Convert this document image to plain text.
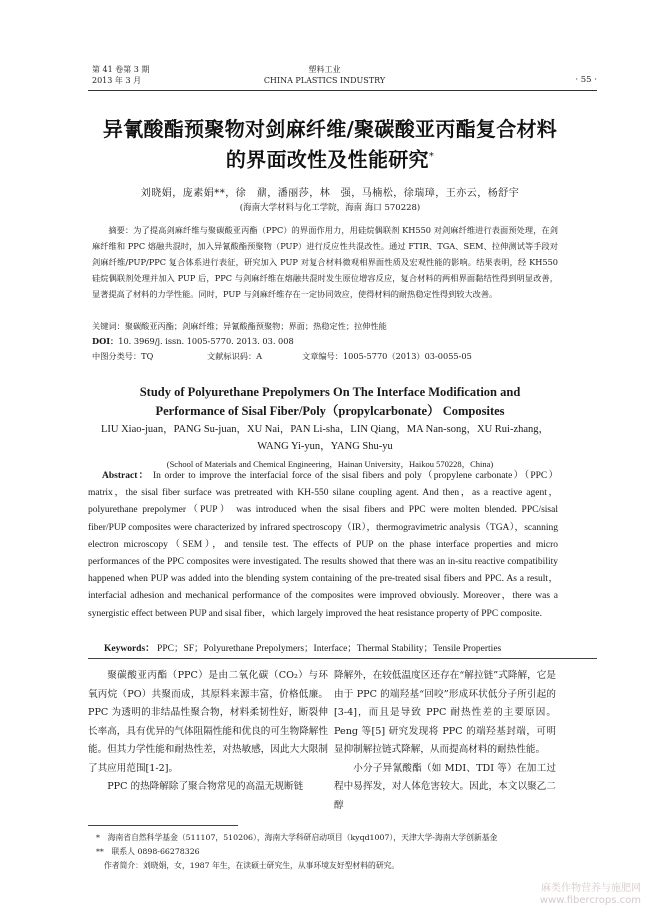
第 41 卷第 3 期
2013 年 3 月
塑料工业
CHINA PLASTICS INDUSTRY	· 55 ·
异氰酸酯预聚物对剑麻纤维/聚碳酸亚丙酯复合材料
的界面改性及性能研究*
刘晓娟，庞素娟**，徐　鼐，潘丽莎，林　强，马楠松，徐瑞璋，王亦云，杨舒宇
(海南大学材料与化工学院，海南 海口 570228)

摘要：为了提高剑麻纤维与聚碳酸亚丙酯（PPC）的界面作用力，用硅烷偶联剂 KH550 对剑麻纤维进行表面预处理，在剑麻纤维和 PPC 熔融共混时，加入异氰酸酯预聚物（PUP）进行反应性共混改性。通过 FTIR、TGA、SEM、拉伸测试等手段对剑麻纤维/PUP/PPC 复合体系进行表征，研究加入 PUP 对复合材料微观相界面性质及宏观性能的影响。结果表明，经 KH550 硅烷偶联剂处理并加入 PUP 后，PPC 与剑麻纤维在熔融共混时发生原位增容反应，复合材料的两相界面黏结性得到明显改善，显著提高了材料的力学性能。同时，PUP 与剑麻纤维存在一定协同效应，使得材料的耐热稳定性得到较大改善。

关键词：聚碳酸亚丙酯；剑麻纤维；异氰酸酯预聚物；界面；热稳定性；拉伸性能
DOI：10. 3969/j. issn. 1005-5770. 2013. 03. 008
中图分类号：TQ	文献标识码：A	文章编号：1005-5770（2013）03-0055-05
Study of Polyurethane Prepolymers On The Interface Modification and
Performance of Sisal Fiber/Poly（propylcarbonate） Composites
LIU Xiao-juan，PANG Su-juan，XU Nai，PAN Li-sha，LIN Qiang，MA Nan-song，XU Rui-zhang，
WANG Yi-yun，YANG Shu-yu
(School of Materials and Chemical Engineering，Hainan University，Haikou 570228，China)
Abstract： In order to improve the interfacial force of the sisal fibers and poly（propylene carbonate）（PPC） matrix，the sisal fiber surface was pretreated with KH-550 silane coupling agent. And then，as a reactive agent，polyurethane prepolymer（PUP） was introduced when the sisal fibers and PPC were molten blended. PPC/sisal fiber/PUP composites were characterized by infrared spectroscopy（IR），thermogravimetric analysis（TGA），scanning electron microscopy（SEM），and tensile test. The effects of PUP on the phase interface properties and micro performances of the PPC composites were investigated. The results showed that there was an in-situ reactive compatibility happened when PUP was added into the blending system containing of the pre-treated sisal fibers and PPC. As a result，interfacial adhesion and mechanical performance of the composites were improved obviously. Moreover，there was a synergistic effect between PUP and sisal fiber，which largely improved the heat resistance property of PPC composite.
Keywords： PPC；SF；Polyurethane Prepolymers；Interface；Thermal Stability；Tensile Properties

聚碳酸亚丙酯（PPC）是由二氧化碳（CO₂）与环氧丙烷（PO）共聚而成，其原料来源丰富，价格低廉。PPC 为透明的非结晶性聚合物，材料柔韧性好，断裂伸长率高，具有优异的气体阻隔性能和优良的可生物降解性能。但其力学性能和耐热性差，对热敏感，因此大大限制了其应用范围[1-2]。

PPC 的热降解除了聚合物常见的高温无规断链

降解外，在较低温度区还存在“解拉链”式降解，它是由于 PPC 的端羟基“回咬”形成环状低分子所引起的[3-4]，而且是导致 PPC 耐热性差的主要原因。Peng 等[5] 研究发现将 PPC 的端羟基封端，可明显抑制解拉链式降解，从而提高材料的耐热性能。

小分子异氰酸酯（如 MDI、TDI 等）在加工过程中易挥发，对人体危害较大。因此，本文以聚乙二醇

*　海南省自然科学基金（511107，510206），海南大学科研启动项目（kyqd1007），天津大学-海南大学创新基金
**　联系人 0898-66278326
作者简介：刘晓娟，女，1987 年生，在读硕士研究生，从事环境友好型材料的研究。
麻类作物营养与施肥网
www.fibercrops.com
